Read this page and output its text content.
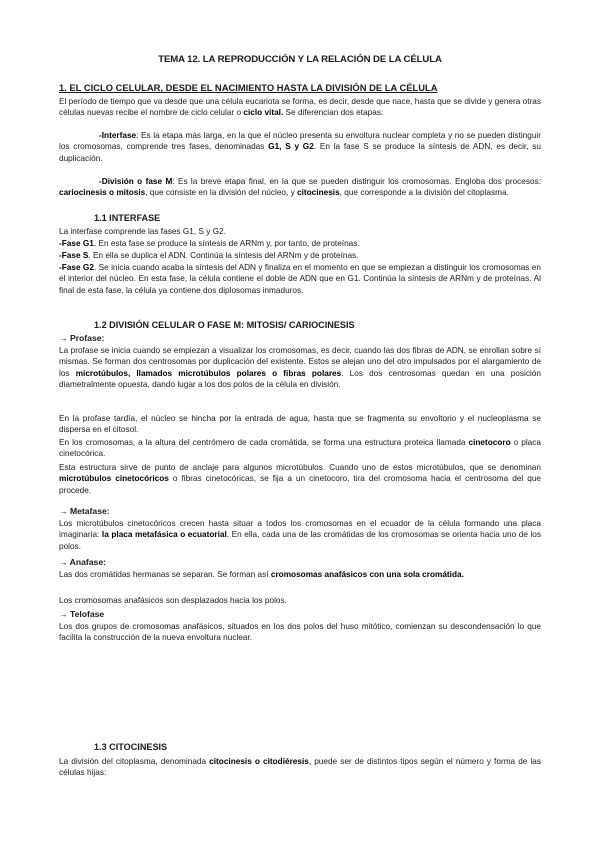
TEMA 12. LA REPRODUCCIÓN Y LA RELACIÓN DE LA CÉLULA
1. EL CICLO CELULAR, DESDE EL NACIMIENTO HASTA LA DIVISIÓN DE LA CÉLULA

El período de tiempo que va desde que una célula eucariota se forma, es decir, desde que nace, hasta que se divide y genera otras células nuevas recibe el nombre de ciclo celular o ciclo vital. Se diferencian dos etapas:

-Interfase: Es la etapa más larga, en la que el núcleo presenta su envoltura nuclear completa y no se pueden distinguir los cromosomas, comprende tres fases, denominadas G1, S y G2. En la fase S se produce la síntesis de ADN, es decir, su duplicación.

-División o fase M: Es la breve etapa final, en la que se pueden distinguir los cromosomas. Engloba dos procesos: cariocinesis o mitosis, que consiste en la división del núcleo, y citocinesis, que corresponde a la división del citoplasma.

1.1 INTERFASE

La interfase comprende las fases G1, S y G2.

-Fase G1. En esta fase se produce la síntesis de ARNm y, por tanto, de proteínas.

-Fase S. En ella se duplica el ADN. Continúa la síntesis del ARNm y de proteínas.

-Fase G2. Se inicia cuando acaba la síntesis del ADN y finaliza en el momento en que se empiezan a distinguir los cromosomas en el interior del núcleo. En esta fase, la célula contiene el doble de ADN que en G1. Continúa la síntesis de ARNm y de proteínas. Al final de esta fase, la célula ya contiene dos diplosomas inmaduros.

1.2 DIVISIÓN CELULAR O FASE M: MITOSIS/ CARIOCINESIS
→ Profase:

La profase se inicia cuando se empiezan a visualizar los cromosomas, es decir, cuando las dos fibras de ADN, se enrollan sobre sí mismas. Se forman dos centrosomas por duplicación del existente. Estos se alejan uno del otro impulsados por el alargamiento de los microtúbulos, llamados microtúbulos polares o fibras polares. Los dos centrosomas quedan en una posición diametralmente opuesta, dando lugar a los dos polos de la célula en división.

En la profase tardía, el núcleo se hincha por la entrada de agua, hasta que se fragmenta su envoltorio y el nucleoplasma se dispersa en el citosol.

En los cromosomas, a la altura del centrómero de cada cromátida, se forma una estructura proteica llamada cinetocoro o placa cinetocórica.

Esta estructura sirve de punto de anclaje para algunos microtúbulos. Cuando uno de estos microtúbulos, que se denominan microtúbulos cinetocóricos o fibras cinetocóricas, se fija a un cinetocoro, tira del cromosoma hacia el centrosoma del que procede.

→ Metafase:

Los microtúbulos cinetocóricos crecen hasta situar a todos los cromosomas en el ecuador de la célula formando una placa imaginaria: la placa metafásica o ecuatorial. En ella, cada una de las cromátidas de los cromosomas se orienta hacia uno de los polos.

→ Anafase:

Las dos cromátidas hermanas se separan. Se forman así cromosomas anafásicos con una sola cromátida.

Los cromosomas anafásicos son desplazados hacia los polos.

→ Telofase

Los dos grupos de cromosomas anafásicos, situados en los dos polos del huso mitótico, comienzan su descondensación lo que facilita la construcción de la nueva envoltura nuclear.

1.3 CITOCINESIS

La división del citoplasma, denominada citocinesis o citodiéresis, puede ser de distintos tipos según el número y forma de las células hijas:
